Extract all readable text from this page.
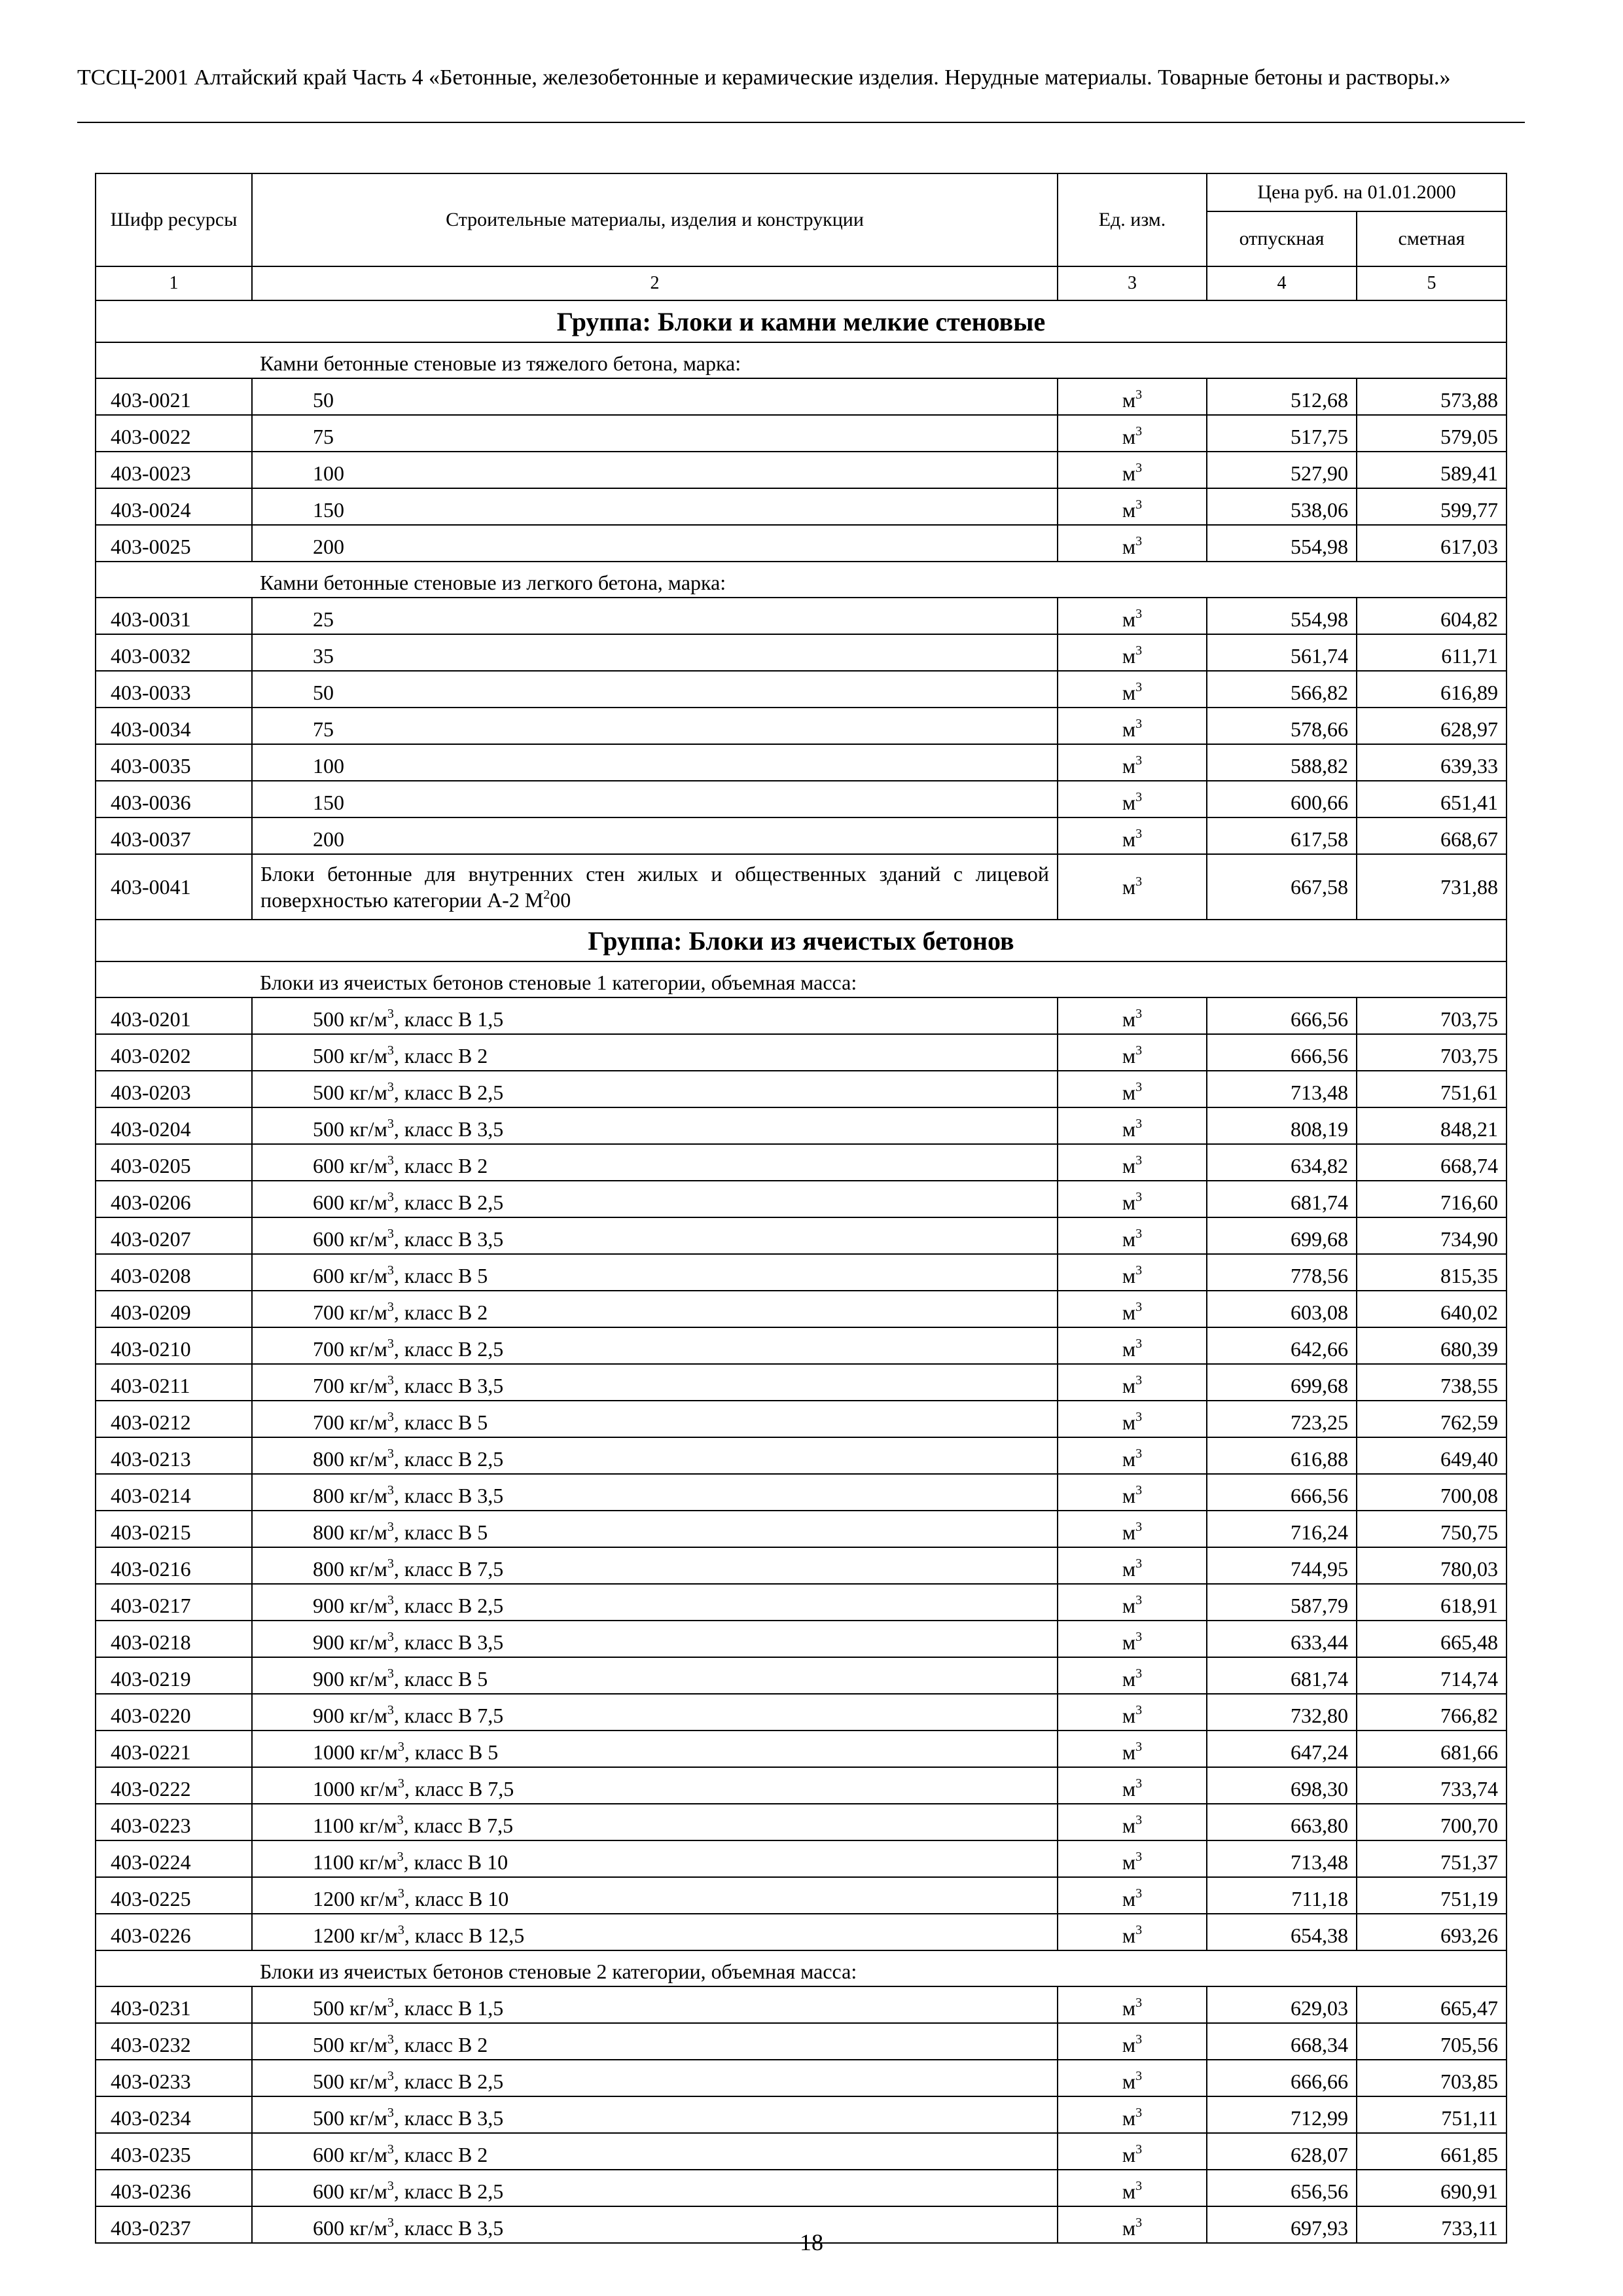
ТССЦ-2001 Алтайский край Часть 4 «Бетонные, железобетонные и керамические изделия. Нерудные материалы. Товарные бетоны и растворы.»
Шифр ресурсы	Строительные материалы, изделия и конструкции	Ед. изм.	Цена руб. на 01.01.2000	
			отпускная	сметная
1	2	3	4	5
Группа: Блоки и камни мелкие стеновые				
Камни бетонные стеновые из тяжелого бетона, марка:				
403-0021	50	$м^3$	512,68	573,88
403-0022	75	$м^3$	517,75	579,05
403-0023	100	$м^3$	527,90	589,41
403-0024	150	$м^3$	538,06	599,77
403-0025	200	$м^3$	554,98	617,03
Камни бетонные стеновые из легкого бетона, марка:				
403-0031	25	$м^3$	554,98	604,82
403-0032	35	$м^3$	561,74	611,71
403-0033	50	$м^3$	566,82	616,89
403-0034	75	$м^3$	578,66	628,97
403-0035	100	$м^3$	588,82	639,33
403-0036	150	$м^3$	600,66	651,41
403-0037	200	$м^3$	617,58	668,67
403-0041	Блоки бетонные для внутренних стен жилых и общественных зданий с лицевой поверхностью категории А-2 $М^200$	$м^3$	667,58	731,88
Группа: Блоки из ячеистых бетонов				
Блоки из ячеистых бетонов стеновые 1 категории, объемная масса:				
403-0201	500 $кг/м^3$, класс В 1,5	$м^3$	666,56	703,75
403-0202	500 $кг/м^3$, класс В 2	$м^3$	666,56	703,75
403-0203	500 $кг/м^3$, класс В 2,5	$м^3$	713,48	751,61
403-0204	500 $кг/м^3$, класс В 3,5	$м^3$	808,19	848,21
403-0205	600 $кг/м^3$, класс В 2	$м^3$	634,82	668,74
403-0206	600 $кг/м^3$, класс В 2,5	$м^3$	681,74	716,60
403-0207	600 $кг/м^3$, класс В 3,5	$м^3$	699,68	734,90
403-0208	600 $кг/м^3$, класс В 5	$м^3$	778,56	815,35
403-0209	700 $кг/м^3$, класс В 2	$м^3$	603,08	640,02
403-0210	700 $кг/м^3$, класс В 2,5	$м^3$	642,66	680,39
403-0211	700 $кг/м^3$, класс В 3,5	$м^3$	699,68	738,55
403-0212	700 $кг/м^3$, класс В 5	$м^3$	723,25	762,59
403-0213	800 $кг/м^3$, класс В 2,5	$м^3$	616,88	649,40
403-0214	800 $кг/м^3$, класс В 3,5	$м^3$	666,56	700,08
403-0215	800 $кг/м^3$, класс В 5	$м^3$	716,24	750,75
403-0216	800 $кг/м^3$, класс В 7,5	$м^3$	744,95	780,03
403-0217	900 $кг/м^3$, класс В 2,5	$м^3$	587,79	618,91
403-0218	900 $кг/м^3$, класс В 3,5	$м^3$	633,44	665,48
403-0219	900 $кг/м^3$, класс В 5	$м^3$	681,74	714,74
403-0220	900 $кг/м^3$, класс В 7,5	$м^3$	732,80	766,82
403-0221	1000 $кг/м^3$, класс В 5	$м^3$	647,24	681,66
403-0222	1000 $кг/м^3$, класс В 7,5	$м^3$	698,30	733,74
403-0223	1100 $кг/м^3$, класс В 7,5	$м^3$	663,80	700,70
403-0224	1100 $кг/м^3$, класс В 10	$м^3$	713,48	751,37
403-0225	1200 $кг/м^3$, класс В 10	$м^3$	711,18	751,19
403-0226	1200 $кг/м^3$, класс В 12,5	$м^3$	654,38	693,26
Блоки из ячеистых бетонов стеновые 2 категории, объемная масса:				
403-0231	500 $кг/м^3$, класс В 1,5	$м^3$	629,03	665,47
403-0232	500 $кг/м^3$, класс В 2	$м^3$	668,34	705,56
403-0233	500 $кг/м^3$, класс В 2,5	$м^3$	666,66	703,85
403-0234	500 $кг/м^3$, класс В 3,5	$м^3$	712,99	751,11
403-0235	600 $кг/м^3$, класс В 2	$м^3$	628,07	661,85
403-0236	600 $кг/м^3$, класс В 2,5	$м^3$	656,56	690,91
403-0237	600 $кг/м^3$, класс В 3,5	$м^3$	697,93	733,11
18
